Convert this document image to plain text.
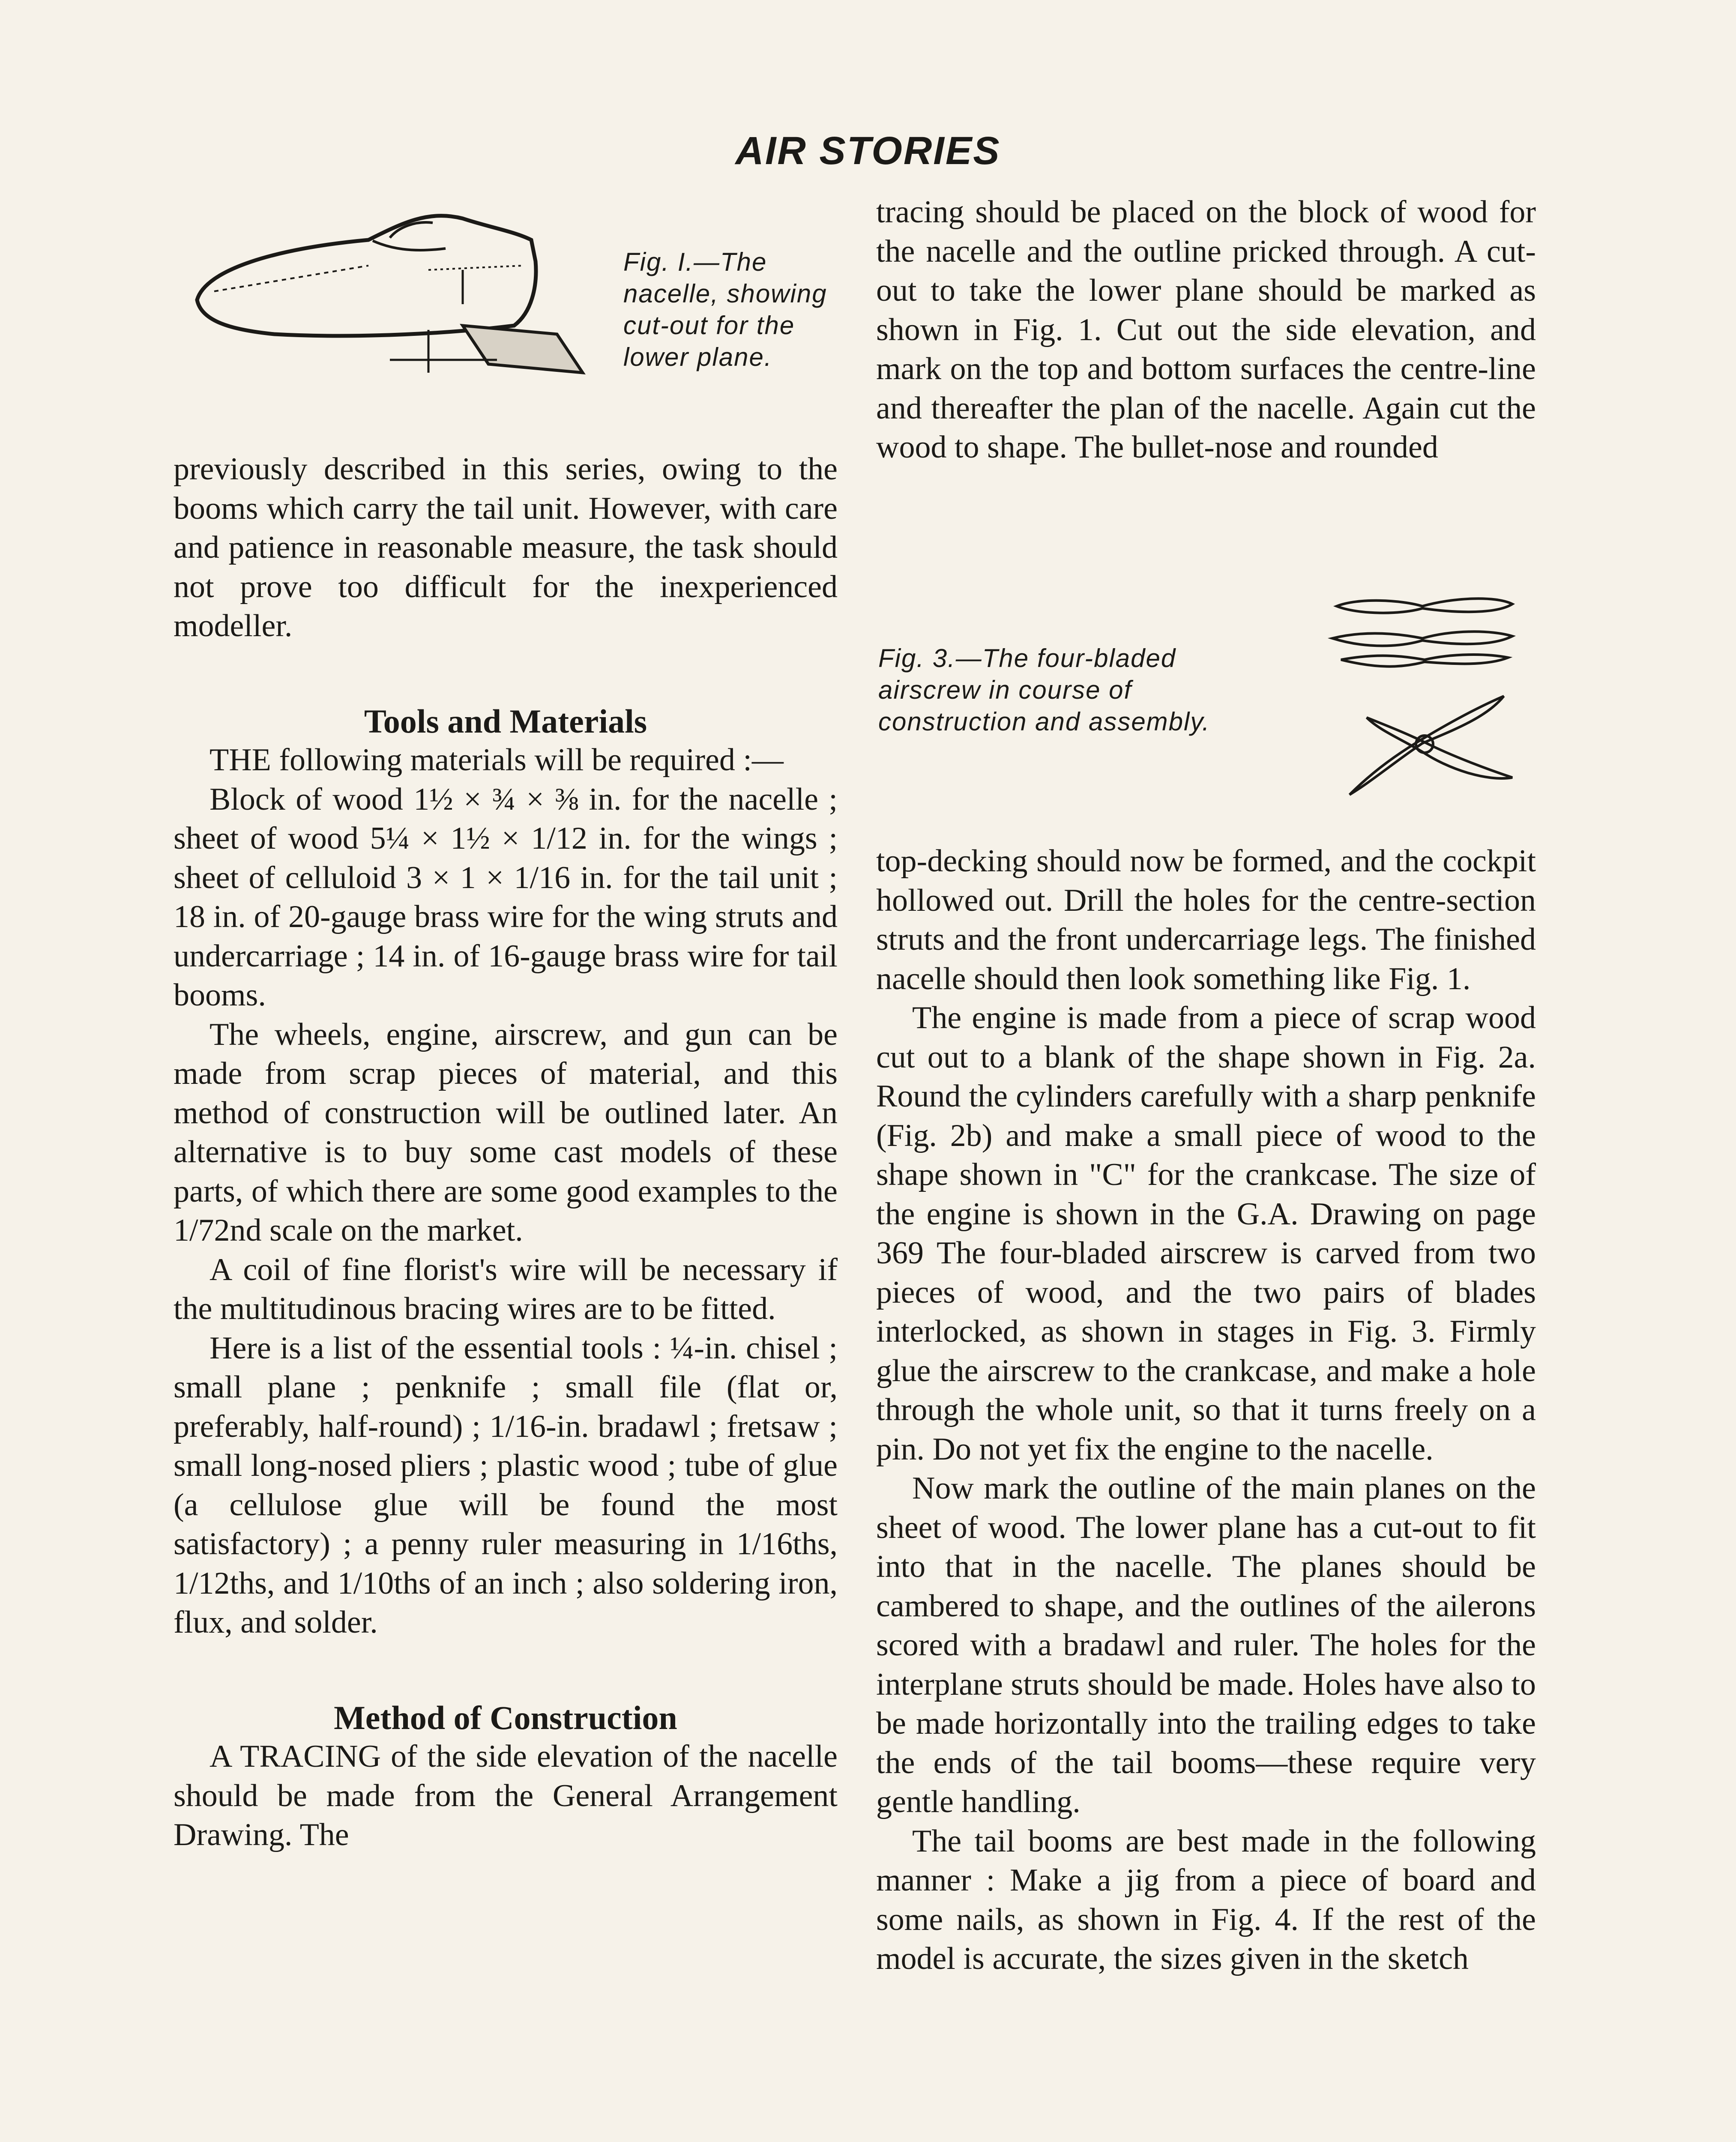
AIR STORIES
Fig. I.—The nacelle, showing cut-out for the lower plane.

previously described in this series, owing to the booms which carry the tail unit. However, with care and patience in reasonable measure, the task should not prove too difficult for the inexperienced modeller.

Tools and Materials

THE following materials will be required :—

Block of wood 1½ × ¾ × ⅜ in. for the nacelle ; sheet of wood 5¼ × 1½ × 1/12 in. for the wings ; sheet of celluloid 3 × 1 × 1/16 in. for the tail unit ; 18 in. of 20-gauge brass wire for the wing struts and undercarriage ; 14 in. of 16-gauge brass wire for tail booms.

The wheels, engine, airscrew, and gun can be made from scrap pieces of material, and this method of construction will be outlined later. An alternative is to buy some cast models of these parts, of which there are some good examples to the 1/72nd scale on the market.

A coil of fine florist's wire will be necessary if the multitudinous bracing wires are to be fitted.

Here is a list of the essential tools : ¼-in. chisel ; small plane ; penknife ; small file (flat or, preferably, half-round) ; 1/16-in. bradawl ; fretsaw ; small long-nosed pliers ; plastic wood ; tube of glue (a cellulose glue will be found the most satisfactory) ; a penny ruler measuring in 1/16ths, 1/12ths, and 1/10ths of an inch ; also soldering iron, flux, and solder.

Method of Construction

A TRACING of the side elevation of the nacelle should be made from the General Arrangement Drawing. The

tracing should be placed on the block of wood for the nacelle and the outline pricked through. A cut-out to take the lower plane should be marked as shown in Fig. 1. Cut out the side elevation, and mark on the top and bottom surfaces the centre-line and thereafter the plan of the nacelle. Again cut the wood to shape. The bullet-nose and rounded

Fig. 3.—The four-bladed airscrew in course of construction and assembly.

top-decking should now be formed, and the cockpit hollowed out. Drill the holes for the centre-section struts and the front undercarriage legs. The finished nacelle should then look something like Fig. 1.

The engine is made from a piece of scrap wood cut out to a blank of the shape shown in Fig. 2a. Round the cylinders carefully with a sharp penknife (Fig. 2b) and make a small piece of wood to the shape shown in "C" for the crankcase. The size of the engine is shown in the G.A. Drawing on page 369 The four-bladed airscrew is carved from two pieces of wood, and the two pairs of blades interlocked, as shown in stages in Fig. 3. Firmly glue the airscrew to the crankcase, and make a hole through the whole unit, so that it turns freely on a pin. Do not yet fix the engine to the nacelle.

Now mark the outline of the main planes on the sheet of wood. The lower plane has a cut-out to fit into that in the nacelle. The planes should be cambered to shape, and the outlines of the ailerons scored with a bradawl and ruler. The holes for the interplane struts should be made. Holes have also to be made horizontally into the trailing edges to take the ends of the tail booms—these require very gentle handling.

The tail booms are best made in the following manner : Make a jig from a piece of board and some nails, as shown in Fig. 4. If the rest of the model is accurate, the sizes given in the sketch
